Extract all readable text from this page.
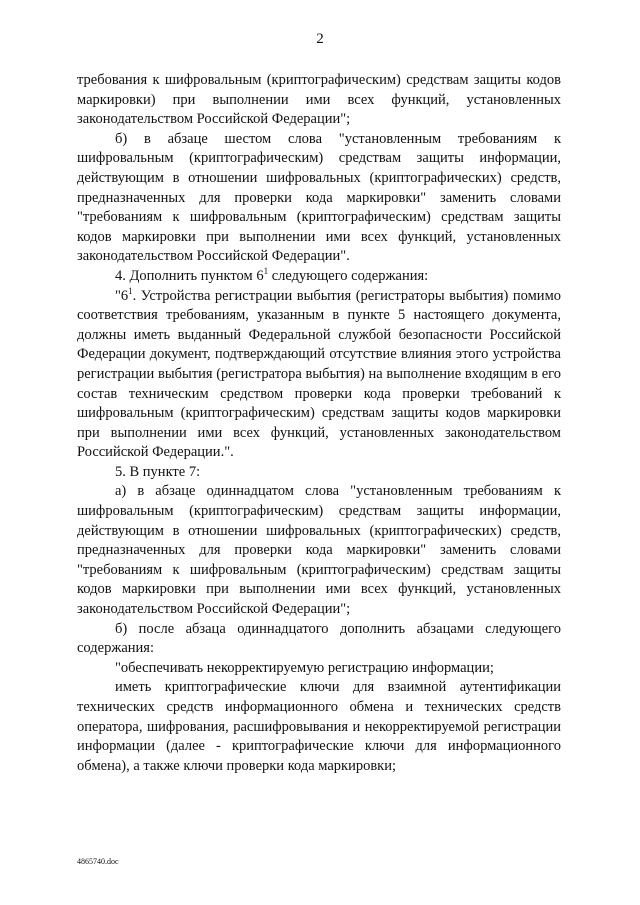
2

требования к шифровальным (криптографическим) средствам защиты кодов маркировки) при выполнении ими всех функций, установленных законодательством Российской Федерации";

б) в абзаце шестом слова "установленным требованиям к шифровальным (криптографическим) средствам защиты информации, действующим в отношении шифровальных (криптографических) средств, предназначенных для проверки кода маркировки" заменить словами "требованиям к шифровальным (криптографическим) средствам защиты кодов маркировки при выполнении ими всех функций, установленных законодательством Российской Федерации".

4. Дополнить пунктом $6^1$ следующего содержания:

"$6^1$. Устройства регистрации выбытия (регистраторы выбытия) помимо соответствия требованиям, указанным в пункте 5 настоящего документа, должны иметь выданный Федеральной службой безопасности Российской Федерации документ, подтверждающий отсутствие влияния этого устройства регистрации выбытия (регистратора выбытия) на выполнение входящим в его состав техническим средством проверки кода проверки требований к шифровальным (криптографическим) средствам защиты кодов маркировки при выполнении ими всех функций, установленных законодательством Российской Федерации.".

5. В пункте 7:

а) в абзаце одиннадцатом слова "установленным требованиям к шифровальным (криптографическим) средствам защиты информации, действующим в отношении шифровальных (криптографических) средств, предназначенных для проверки кода маркировки" заменить словами "требованиям к шифровальным (криптографическим) средствам защиты кодов маркировки при выполнении ими всех функций, установленных законодательством Российской Федерации";

б) после абзаца одиннадцатого дополнить абзацами следующего содержания:

"обеспечивать некорректируемую регистрацию информации;

иметь криптографические ключи для взаимной аутентификации технических средств информационного обмена и технических средств оператора, шифрования, расшифровывания и некорректируемой регистрации информации (далее - криптографические ключи для информационного обмена), а также ключи проверки кода маркировки;

4865740.doc
